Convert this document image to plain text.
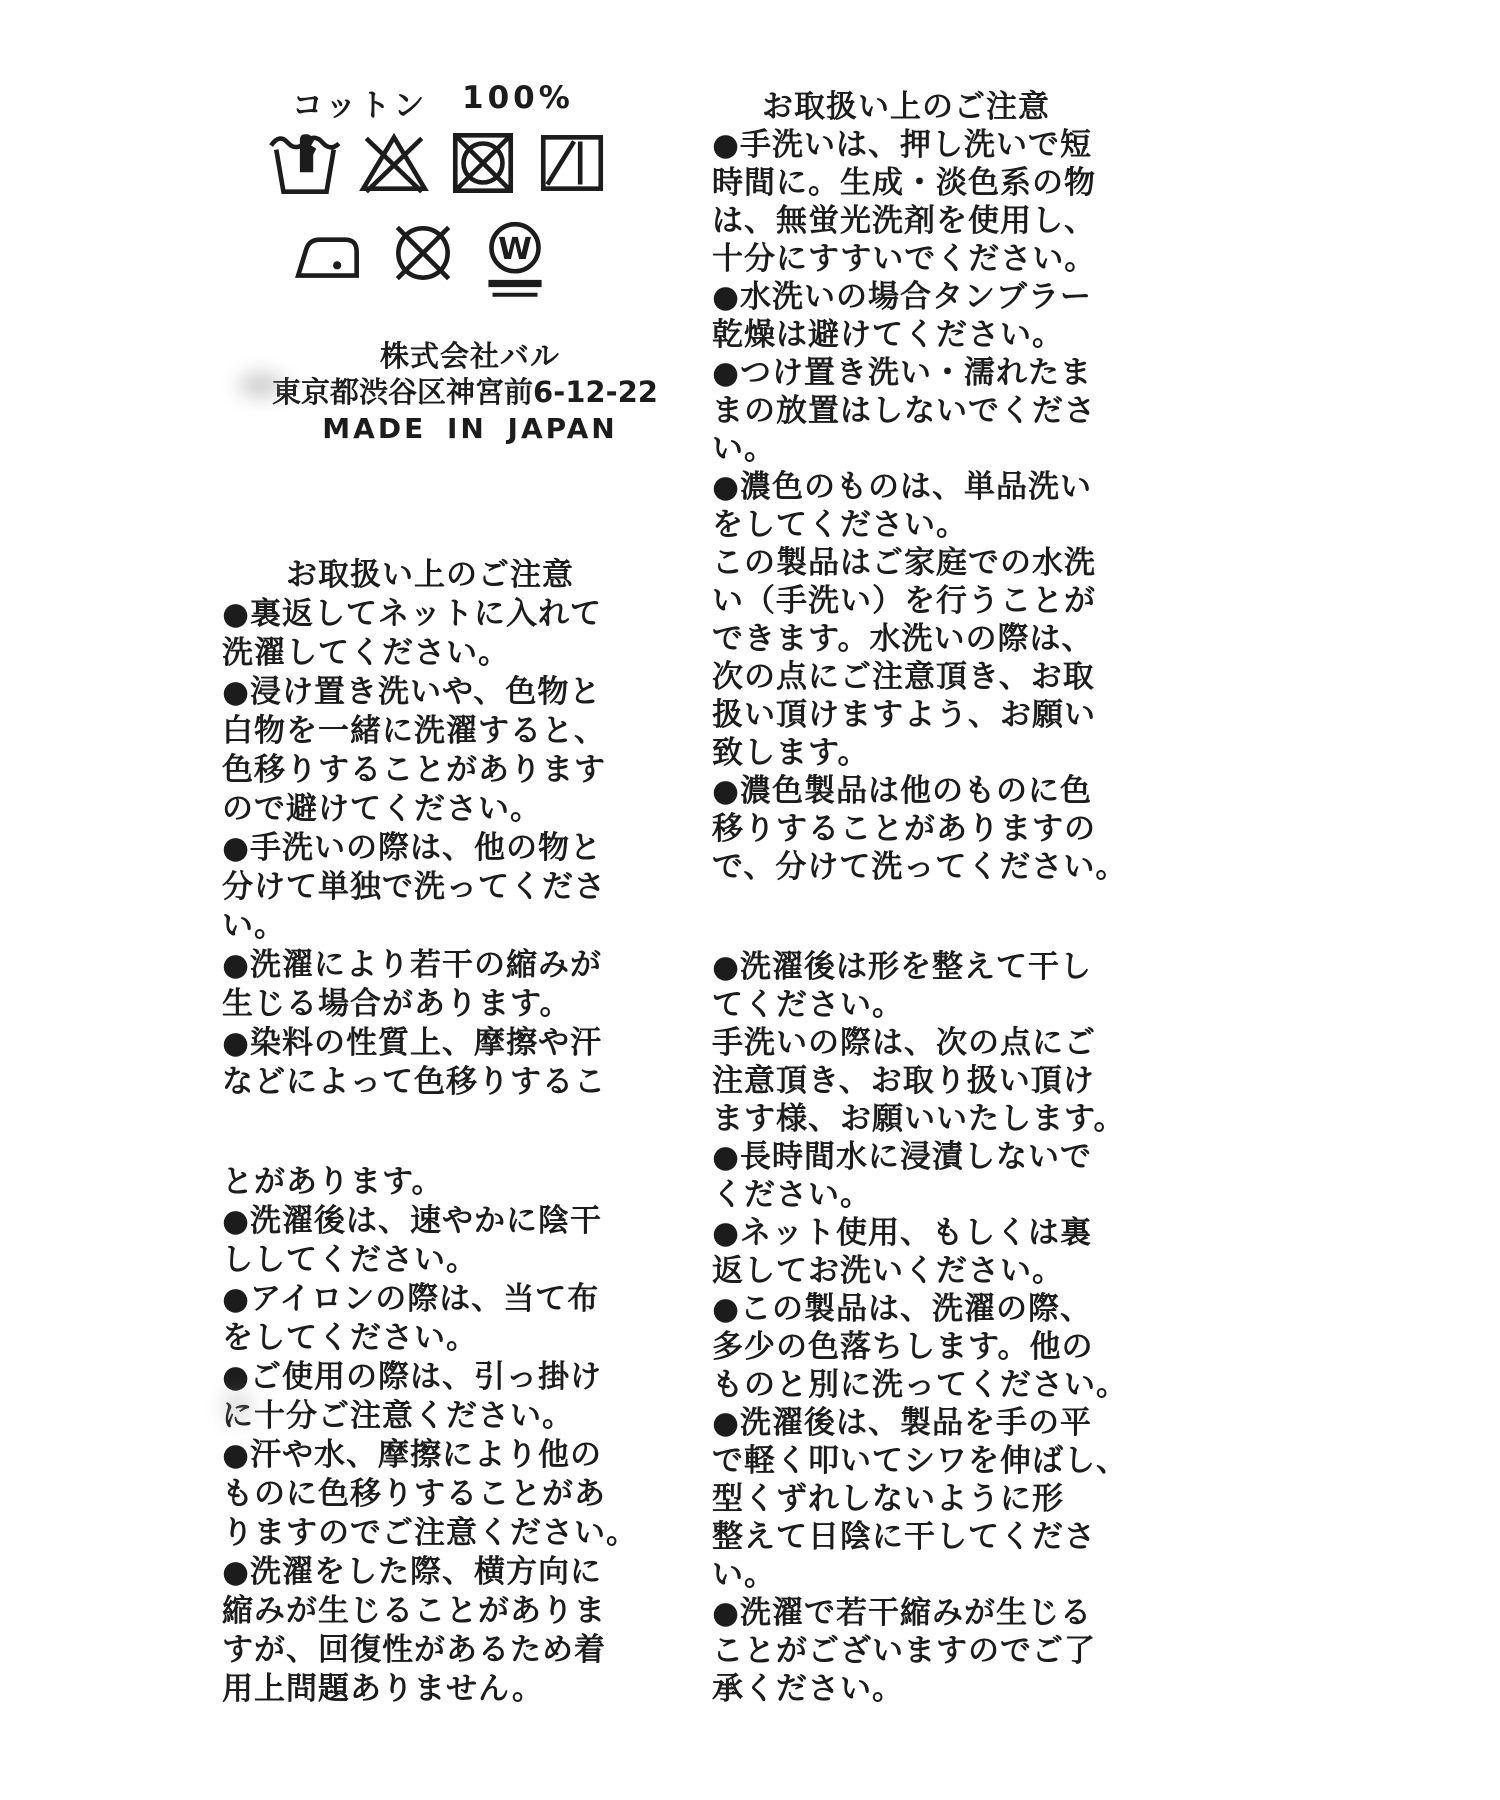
コットン 100%
W
株式会社バル
東京都渋谷区神宮前6-12-22
MADE IN JAPAN
お取扱い上のご注意
●裏返してネットに入れて
洗濯してください。
●浸け置き洗いや、色物と
白物を一緒に洗濯すると、
色移りすることがあります
ので避けてください。
●手洗いの際は、他の物と
分けて単独で洗ってくださ
い。
●洗濯により若干の縮みが
生じる場合があります。
●染料の性質上、摩擦や汗
などによって色移りするこ
とがあります。
●洗濯後は、速やかに陰干
ししてください。
●アイロンの際は、当て布
をしてください。
●ご使用の際は、引っ掛け
に十分ご注意ください。
●汗や水、摩擦により他の
ものに色移りすることがあ
りますのでご注意ください。
●洗濯をした際、横方向に
縮みが生じることがありま
すが、回復性があるため着
用上問題ありません。
お取扱い上のご注意
●手洗いは、押し洗いで短
時間に。生成・淡色系の物
は、無蛍光洗剤を使用し、
十分にすすいでください。
●水洗いの場合タンブラー
乾燥は避けてください。
●つけ置き洗い・濡れたま
まの放置はしないでくださ
い。
●濃色のものは、単品洗い
をしてください。
この製品はご家庭での水洗
い（手洗い）を行うことが
できます。水洗いの際は、
次の点にご注意頂き、お取
扱い頂けますよう、お願い
致します。
●濃色製品は他のものに色
移りすることがありますの
で、分けて洗ってください。
●洗濯後は形を整えて干し
てください。
手洗いの際は、次の点にご
注意頂き、お取り扱い頂け
ます様、お願いいたします。
●長時間水に浸漬しないで
ください。
●ネット使用、もしくは裏
返してお洗いください。
●この製品は、洗濯の際、
多少の色落ちします。他の
ものと別に洗ってください。
●洗濯後は、製品を手の平
で軽く叩いてシワを伸ばし、
型くずれしないように形
整えて日陰に干してくださ
い。
●洗濯で若干縮みが生じる
ことがございますのでご了
承ください。
